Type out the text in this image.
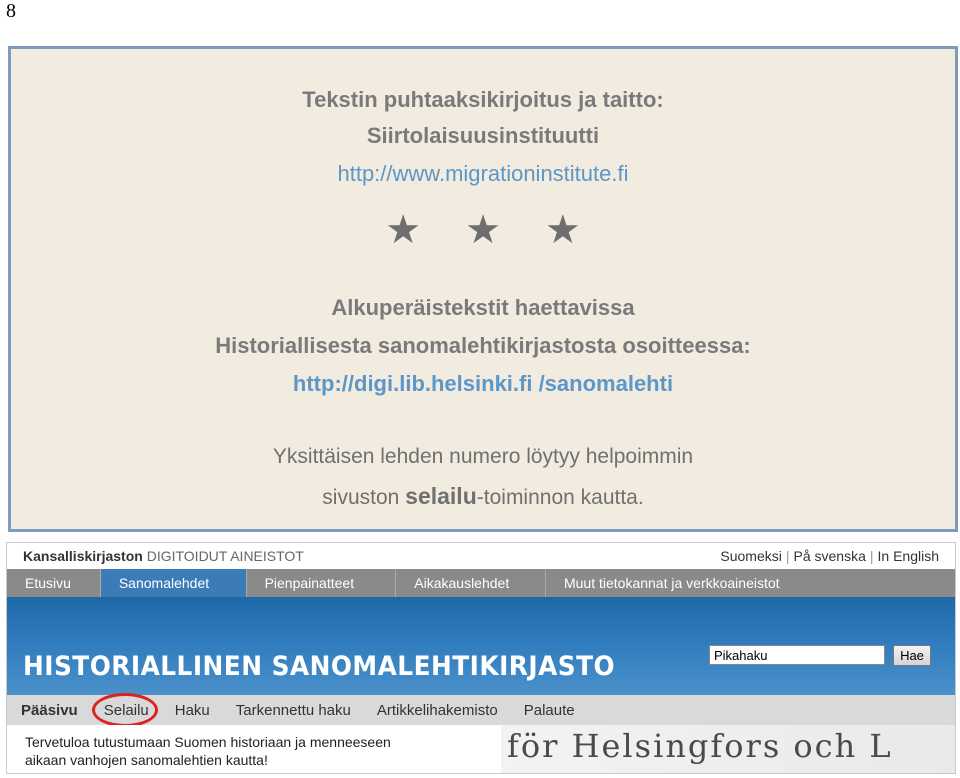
8
Tekstin puhtaaksikirjoitus ja taitto:
Siirtolaisuusinstituutti
http://www.migrationinstitute.fi
★ ★ ★
Alkuperäistekstit haettavissa
Historiallisesta sanomalehtikirjastosta osoitteessa:
http://digi.lib.helsinki.fi /sanomalehti
Yksittäisen lehden numero löytyy helpoimmin
sivuston selailu-toiminnon kautta.
Kansalliskirjaston DIGITOIDUT AINEISTOT	Suomeksi | På svenska | In English
Etusivu	Sanomalehdet	Pienpainatteet	Aikakauslehdet	Muut tietokannat ja verkkoaineistot
Pikahaku
Hae
HISTORIALLINEN SANOMALEHTIKIRJASTO
Pääsivu Selailu Haku Tarkennettu haku Artikkelihakemisto Palaute
Tervetuloa tutustumaan Suomen historiaan ja menneeseen
aikaan vanhojen sanomalehtien kautta!	för Helsingfors och L
